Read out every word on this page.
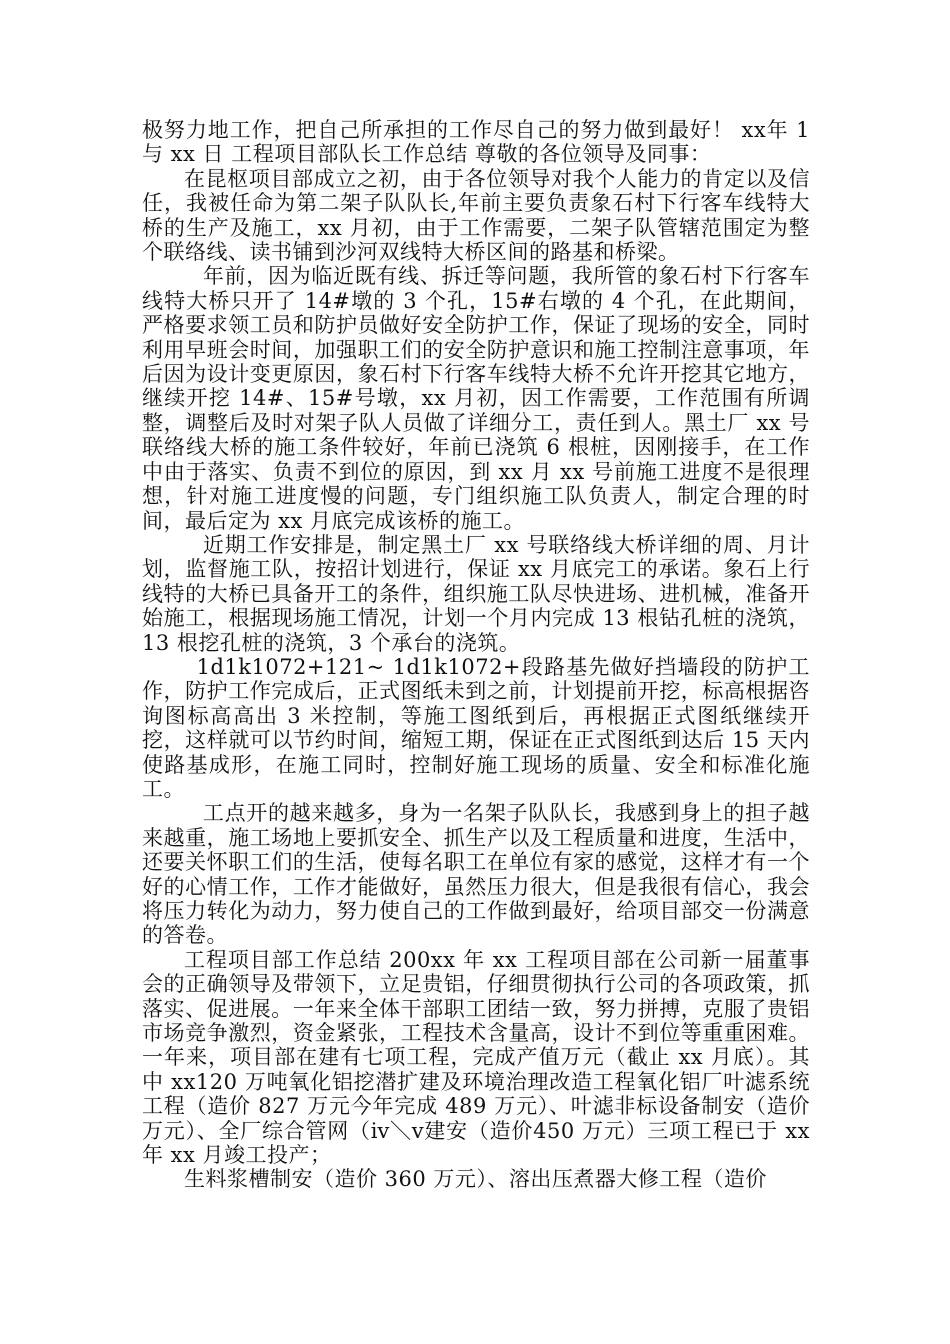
极努力地工作，把自己所承担的工作尽自己的努力做到最好！ xx年 1 与 xx 日 工程项目部队长工作总结 尊敬的各位领导及同事：

在昆枢项目部成立之初，由于各位领导对我个人能力的肯定以及信任，我被任命为第二架子队队长,年前主要负责象石村下行客车线特大桥的生产及施工，xx 月初，由于工作需要，二架子队管辖范围定为整个联络线、读书铺到沙河双线特大桥区间的路基和桥梁。

年前，因为临近既有线、拆迁等问题，我所管的象石村下行客车线特大桥只开了 14#墩的 3 个孔，15#右墩的 4 个孔，在此期间，严格要求领工员和防护员做好安全防护工作，保证了现场的安全，同时利用早班会时间，加强职工们的安全防护意识和施工控制注意事项，年后因为设计变更原因，象石村下行客车线特大桥不允许开挖其它地方，继续开挖 14#、15#号墩，xx 月初，因工作需要，工作范围有所调整，调整后及时对架子队人员做了详细分工，责任到人。黑土厂 xx 号联络线大桥的施工条件较好，年前已浇筑 6 根桩，因刚接手，在工作中由于落实、负责不到位的原因，到 xx 月 xx 号前施工进度不是很理想，针对施工进度慢的问题，专门组织施工队负责人，制定合理的时间，最后定为 xx 月底完成该桥的施工。

近期工作安排是，制定黑土厂 xx 号联络线大桥详细的周、月计划，监督施工队，按招计划进行，保证 xx 月底完工的承诺。象石上行线特的大桥已具备开工的条件，组织施工队尽快进场、进机械，准备开始施工，根据现场施工情况，计划一个月内完成 13 根钻孔桩的浇筑，13 根挖孔桩的浇筑，3 个承台的浇筑。

1d1k1072+121~ 1d1k1072+段路基先做好挡墙段的防护工作，防护工作完成后，正式图纸未到之前，计划提前开挖，标高根据咨询图标高高出 3 米控制，等施工图纸到后，再根据正式图纸继续开挖，这样就可以节约时间，缩短工期，保证在正式图纸到达后 15 天内使路基成形，在施工同时，控制好施工现场的质量、安全和标准化施工。

工点开的越来越多，身为一名架子队队长，我感到身上的担子越来越重，施工场地上要抓安全、抓生产以及工程质量和进度，生活中，还要关怀职工们的生活，使每名职工在单位有家的感觉，这样才有一个好的心情工作，工作才能做好，虽然压力很大，但是我很有信心，我会将压力转化为动力，努力使自己的工作做到最好，给项目部交一份满意的答卷。

工程项目部工作总结 200xx 年 xx 工程项目部在公司新一届董事会的正确领导及带领下，立足贵铝，仔细贯彻执行公司的各项政策，抓落实、促进展。一年来全体干部职工团结一致，努力拼搏，克服了贵铝市场竞争激烈，资金紧张，工程技术含量高，设计不到位等重重困难。一年来，项目部在建有七项工程，完成产值万元（截止 xx 月底）。其中 xx120 万吨氧化铝挖潜扩建及环境治理改造工程氧化铝厂叶滤系统工程（造价 827 万元今年完成 489 万元）、叶滤非标设备制安（造价万元）、全厂综合管网（ⅳ＼ⅴ建安（造价450 万元）三项工程已于 xx 年 xx 月竣工投产；

生料浆槽制安（造价 360 万元）、溶出压煮器大修工程（造价
